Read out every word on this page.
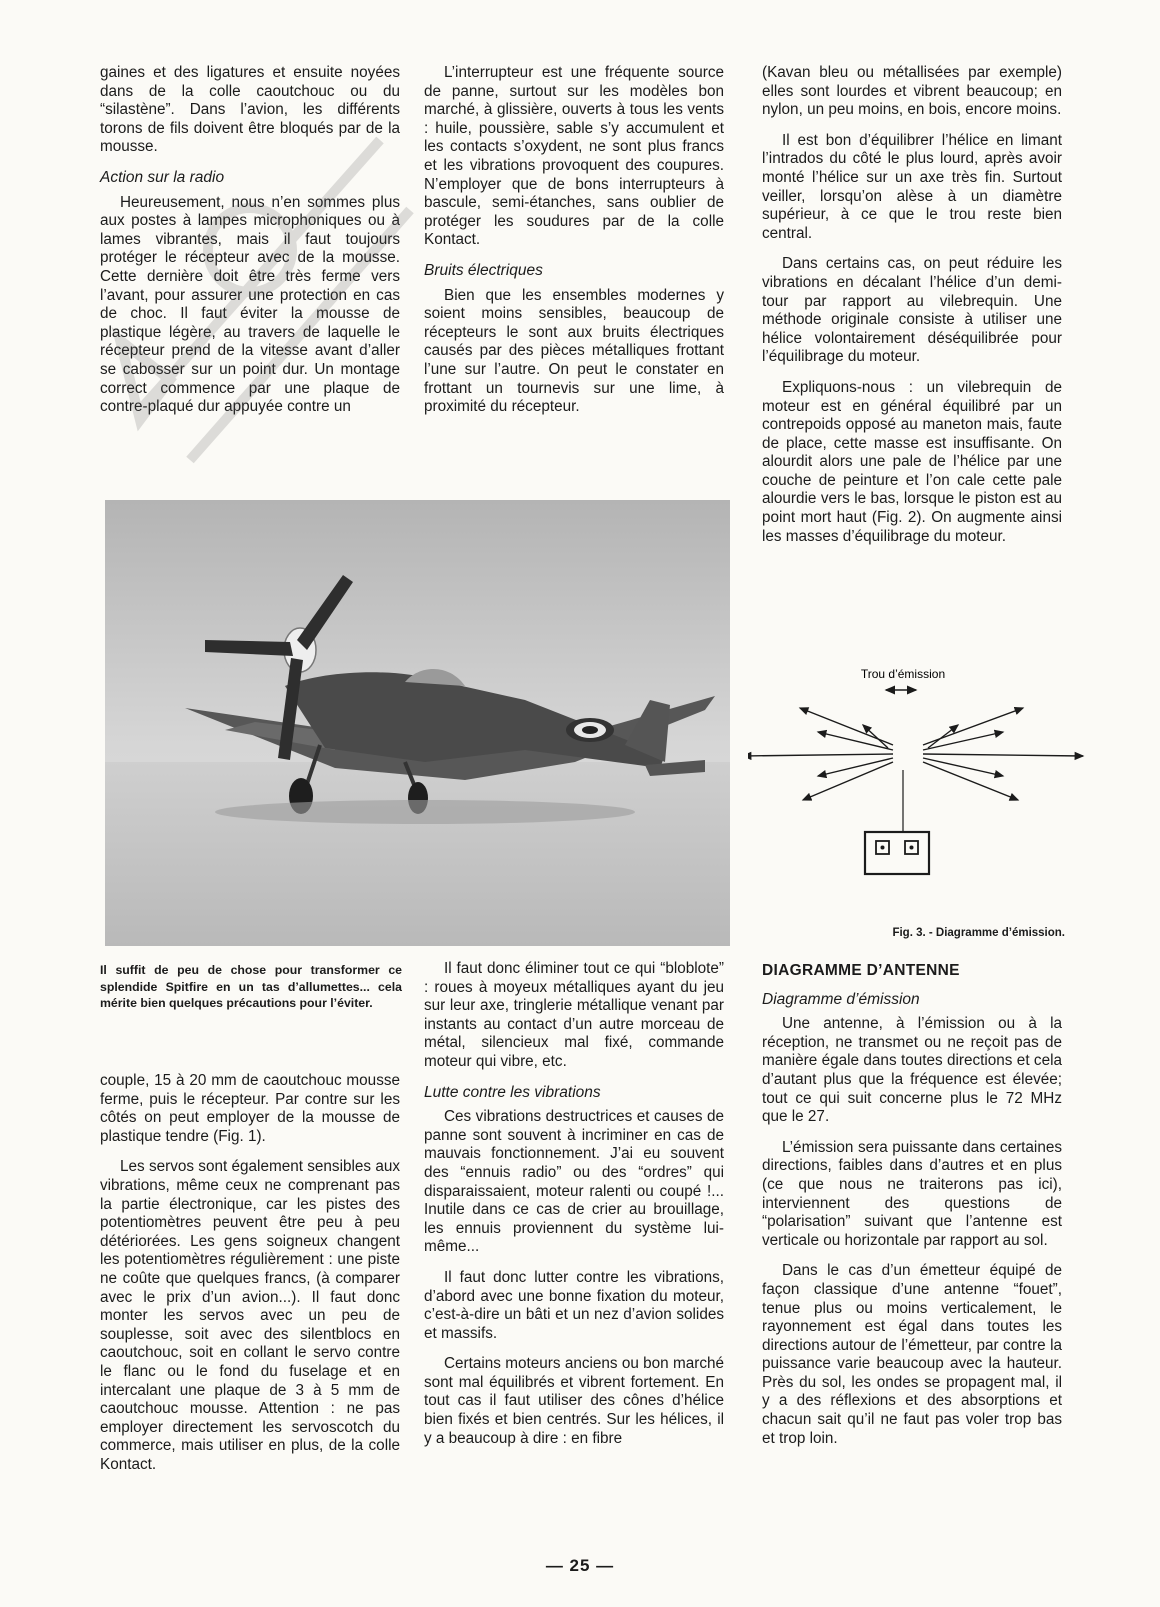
gaines et des ligatures et ensuite noyées dans de la colle caoutchouc ou du “silastène”. Dans l’avion, les différents torons de fils doivent être bloqués par de la mousse.

Action sur la radio

Heureusement, nous n’en sommes plus aux postes à lampes microphoniques ou à lames vibrantes, mais il faut toujours protéger le récepteur avec de la mousse. Cette dernière doit être très ferme vers l’avant, pour assurer une protection en cas de choc. Il faut éviter la mousse de plastique légère, au travers de laquelle le récepteur prend de la vitesse avant d’aller se cabosser sur un point dur. Un montage correct commence par une plaque de contre-plaqué dur appuyée contre un

L’interrupteur est une fréquente source de panne, surtout sur les modèles bon marché, à glissière, ouverts à tous les vents : huile, poussière, sable s’y accumulent et les contacts s’oxydent, ne sont plus francs et les vibrations provoquent des coupures. N’employer que de bons interrupteurs à bascule, semi-étanches, sans oublier de protéger les soudures par de la colle Kontact.

Bruits électriques

Bien que les ensembles modernes y soient moins sensibles, beaucoup de récepteurs le sont aux bruits électriques causés par des pièces métalliques frottant l’une sur l’autre. On peut le constater en frottant un tournevis sur une lime, à proximité du récepteur.

(Kavan bleu ou métallisées par exemple) elles sont lourdes et vibrent beaucoup; en nylon, un peu moins, en bois, encore moins.

Il est bon d’équilibrer l’hélice en limant l’intrados du côté le plus lourd, après avoir monté l’hélice sur un axe très fin. Surtout veiller, lorsqu’on alèse à un diamètre supérieur, à ce que le trou reste bien central.

Dans certains cas, on peut réduire les vibrations en décalant l’hélice d’un demi-tour par rapport au vilebrequin. Une méthode originale consiste à utiliser une hélice volontairement déséquilibrée pour l’équilibrage du moteur.

Expliquons-nous : un vilebrequin de moteur est en général équilibré par un contrepoids opposé au maneton mais, faute de place, cette masse est insuffisante. On alourdit alors une pale de l’hélice par une couche de peinture et l’on cale cette pale alourdie vers le bas, lorsque le piston est au point mort haut (Fig. 2). On augmente ainsi les masses d’équilibrage du moteur.

Il suffit de peu de chose pour transformer ce splendide Spitfire en un tas d’allumettes... cela mérite bien quelques précautions pour l’éviter.
Trou d’émission
Fig. 3. - Diagramme d’émission.

couple, 15 à 20 mm de caoutchouc mousse ferme, puis le récepteur. Par contre sur les côtés on peut employer de la mousse de plastique tendre (Fig. 1).

Les servos sont également sensibles aux vibrations, même ceux ne comprenant pas la partie électronique, car les pistes des potentiomètres peuvent être peu à peu détériorées. Les gens soigneux changent les potentiomètres régulièrement : une piste ne coûte que quelques francs, (à comparer avec le prix d’un avion...). Il faut donc monter les servos avec un peu de souplesse, soit avec des silentblocs en caoutchouc, soit en collant le servo contre le flanc ou le fond du fuselage et en intercalant une plaque de 3 à 5 mm de caoutchouc mousse. Attention : ne pas employer directement les servoscotch du commerce, mais utiliser en plus, de la colle Kontact.

Il faut donc éliminer tout ce qui “bloblote” : roues à moyeux métalliques ayant du jeu sur leur axe, tringlerie métallique venant par instants au contact d’un autre morceau de métal, silencieux mal fixé, commande moteur qui vibre, etc.

Lutte contre les vibrations

Ces vibrations destructrices et causes de panne sont souvent à incriminer en cas de mauvais fonctionnement. J’ai eu souvent des “ennuis radio” ou des “ordres” qui disparaissaient, moteur ralenti ou coupé !... Inutile dans ce cas de crier au brouillage, les ennuis proviennent du système lui-même...

Il faut donc lutter contre les vibrations, d’abord avec une bonne fixation du moteur, c’est-à-dire un bâti et un nez d’avion solides et massifs.

Certains moteurs anciens ou bon marché sont mal équilibrés et vibrent fortement. En tout cas il faut utiliser des cônes d’hélice bien fixés et bien centrés. Sur les hélices, il y a beaucoup à dire : en fibre

DIAGRAMME D’ANTENNE
Diagramme d’émission

Une antenne, à l’émission ou à la réception, ne transmet ou ne reçoit pas de manière égale dans toutes directions et cela d’autant plus que la fréquence est élevée; tout ce qui suit concerne plus le 72 MHz que le 27.

L’émission sera puissante dans certaines directions, faibles dans d’autres et en plus (ce que nous ne traiterons pas ici), interviennent des questions de “polarisation” suivant que l’antenne est verticale ou horizontale par rapport au sol.

Dans le cas d’un émetteur équipé de façon classique d’une antenne “fouet”, tenue plus ou moins verticalement, le rayonnement est égal dans toutes les directions autour de l’émetteur, par contre la puissance varie beaucoup avec la hauteur. Près du sol, les ondes se propagent mal, il y a des réflexions et des absorptions et chacun sait qu’il ne faut pas voler trop bas et trop loin.

— 25 —
